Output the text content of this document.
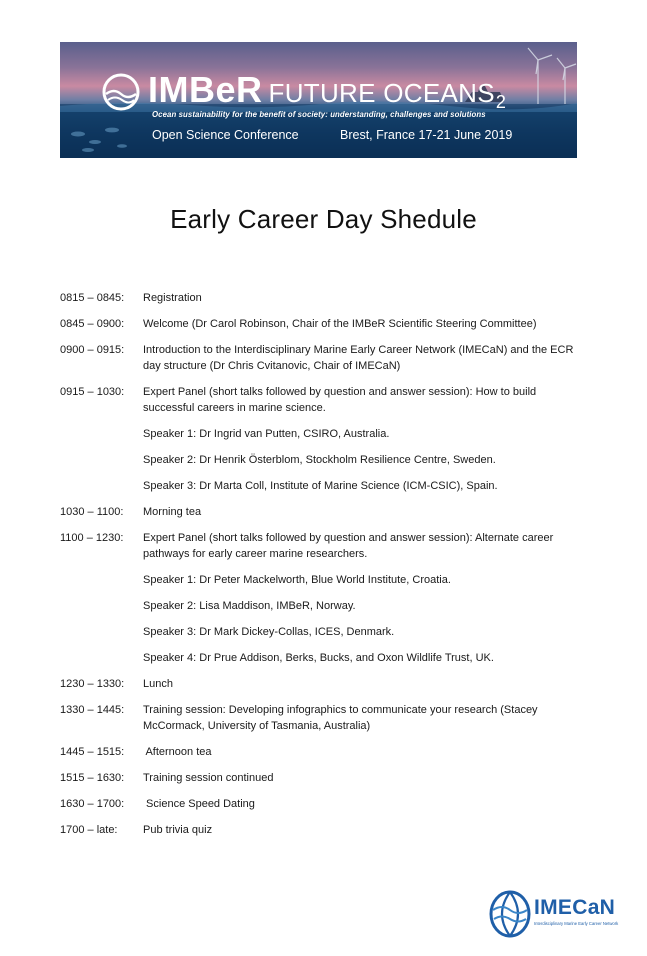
IMBeR FUTURE OCEANS2
Ocean sustainability for the benefit of society: understanding, challenges and solutions
Open Science Conference	Brest, France 17-21 June 2019
Early Career Day Shedule
0815 – 0845: Registration
0845 – 0900: Welcome (Dr Carol Robinson, Chair of the IMBeR Scientific Steering Committee)
0900 – 0915: Introduction to the Interdisciplinary Marine Early Career Network (IMECaN) and the ECR day structure (Dr Chris Cvitanovic, Chair of IMECaN)
0915 – 1030: Expert Panel (short talks followed by question and answer session): How to build successful careers in marine science.
Speaker 1: Dr Ingrid van Putten, CSIRO, Australia.
Speaker 2: Dr Henrik Österblom, Stockholm Resilience Centre, Sweden.
Speaker 3: Dr Marta Coll, Institute of Marine Science (ICM-CSIC), Spain.
1030 – 1100: Morning tea
1100 – 1230: Expert Panel (short talks followed by question and answer session): Alternate career pathways for early career marine researchers.
Speaker 1: Dr Peter Mackelworth, Blue World Institute, Croatia.
Speaker 2: Lisa Maddison, IMBeR, Norway.
Speaker 3: Dr Mark Dickey-Collas, ICES, Denmark.
Speaker 4: Dr Prue Addison, Berks, Bucks, and Oxon Wildlife Trust, UK.
1230 – 1330: Lunch
1330 – 1445: Training session: Developing infographics to communicate your research (Stacey McCormack, University of Tasmania, Australia)
1445 – 1515: Afternoon tea
1515 – 1630: Training session continued
1630 – 1700: Science Speed Dating
1700 – late: Pub trivia quiz
IMECaN
Interdisciplinary Marine Early Career Network
